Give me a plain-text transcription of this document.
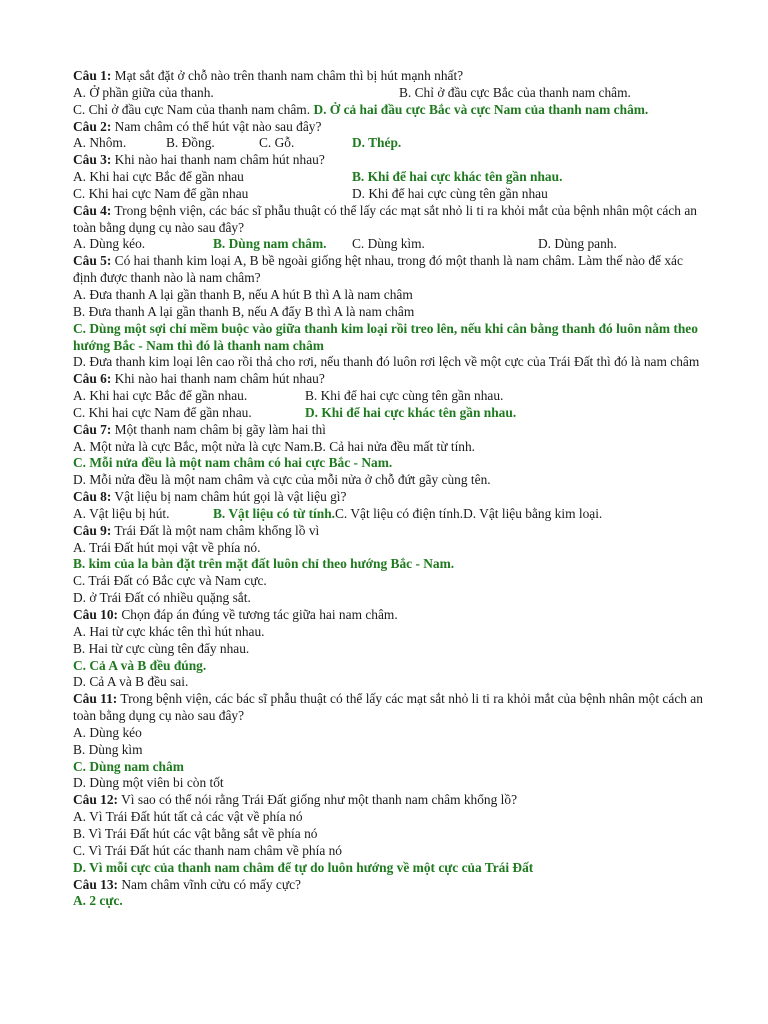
Câu 1: Mạt sắt đặt ở chỗ nào trên thanh nam châm thì bị hút mạnh nhất?
A. Ở phần giữa của thanh.	B. Chỉ ở đầu cực Bắc của thanh nam châm.
C. Chỉ ở đầu cực Nam của thanh nam châm. D. Ở cả hai đầu cực Bắc và cực Nam của thanh nam châm.
Câu 2: Nam châm có thể hút vật nào sau đây?
A. Nhôm.	B. Đồng.	C. Gỗ.	D. Thép.
Câu 3: Khi nào hai thanh nam châm hút nhau?
A. Khi hai cực Bắc để gần nhau	B. Khi để hai cực khác tên gần nhau.
C. Khi hai cực Nam để gần nhau	D. Khi để hai cực cùng tên gần nhau
Câu 4: Trong bệnh viện, các bác sĩ phẫu thuật có thể lấy các mạt sắt nhỏ li ti ra khỏi mắt của bệnh nhân một cách an toàn bằng dụng cụ nào sau đây?
A. Dùng kéo.	B. Dùng nam châm. C. Dùng kìm.	D. Dùng panh.
Câu 5: Có hai thanh kim loại A, B bề ngoài giống hệt nhau, trong đó một thanh là nam châm. Làm thế nào để xác định được thanh nào là nam châm?
A. Đưa thanh A lại gần thanh B, nếu A hút B thì A là nam châm
B. Đưa thanh A lại gần thanh B, nếu A đẩy B thì A là nam châm
C. Dùng một sợi chỉ mềm buộc vào giữa thanh kim loại rồi treo lên, nếu khi cân bằng thanh đó luôn nằm theo hướng Bắc - Nam thì đó là thanh nam châm
D. Đưa thanh kim loại lên cao rồi thả cho rơi, nếu thanh đó luôn rơi lệch về một cực của Trái Đất thì đó là nam châm
Câu 6: Khi nào hai thanh nam châm hút nhau?
A. Khi hai cực Bắc để gần nhau.	B. Khi để hai cực cùng tên gần nhau.
C. Khi hai cực Nam để gần nhau.	D. Khi để hai cực khác tên gần nhau.
Câu 7: Một thanh nam châm bị gãy làm hai thì
A. Một nửa là cực Bắc, một nửa là cực Nam.B. Cả hai nửa đều mất từ tính.
C. Mỗi nửa đều là một nam châm có hai cực Bắc - Nam.
D. Mỗi nửa đều là một nam châm và cực của mỗi nửa ở chỗ đứt gãy cùng tên.
Câu 8: Vật liệu bị nam châm hút gọi là vật liệu gì?
A. Vật liệu bị hút.	B. Vật liệu có từ tính.C. Vật liệu có điện tính.D. Vật liệu bằng kim loại.
Câu 9: Trái Đất là một nam châm khổng lồ vì
A. Trái Đất hút mọi vật về phía nó.
B. kim của la bàn đặt trên mặt đất luôn chỉ theo hướng Bắc - Nam.
C. Trái Đất có Bắc cực và Nam cực.
D. ở Trái Đất có nhiều quặng sắt.
Câu 10: Chọn đáp án đúng về tương tác giữa hai nam châm.
A. Hai từ cực khác tên thì hút nhau.
B. Hai từ cực cùng tên đẩy nhau.
C. Cả A và B đều đúng.
D. Cả A và B đều sai.
Câu 11: Trong bệnh viện, các bác sĩ phẫu thuật có thể lấy các mạt sắt nhỏ li ti ra khỏi mắt của bệnh nhân một cách an toàn bằng dụng cụ nào sau đây?
A. Dùng kéo
B. Dùng kìm
C. Dùng nam châm
D. Dùng một viên bi còn tốt
Câu 12: Vì sao có thể nói rằng Trái Đất giống như một thanh nam châm khổng lồ?
A. Vì Trái Đất hút tất cả các vật về phía nó
B. Vì Trái Đất hút các vật bằng sắt về phía nó
C. Vì Trái Đất hút các thanh nam châm về phía nó
D. Vì mỗi cực của thanh nam châm để tự do luôn hướng về một cực của Trái Đất
Câu 13: Nam châm vĩnh cửu có mấy cực?
A. 2 cực.
